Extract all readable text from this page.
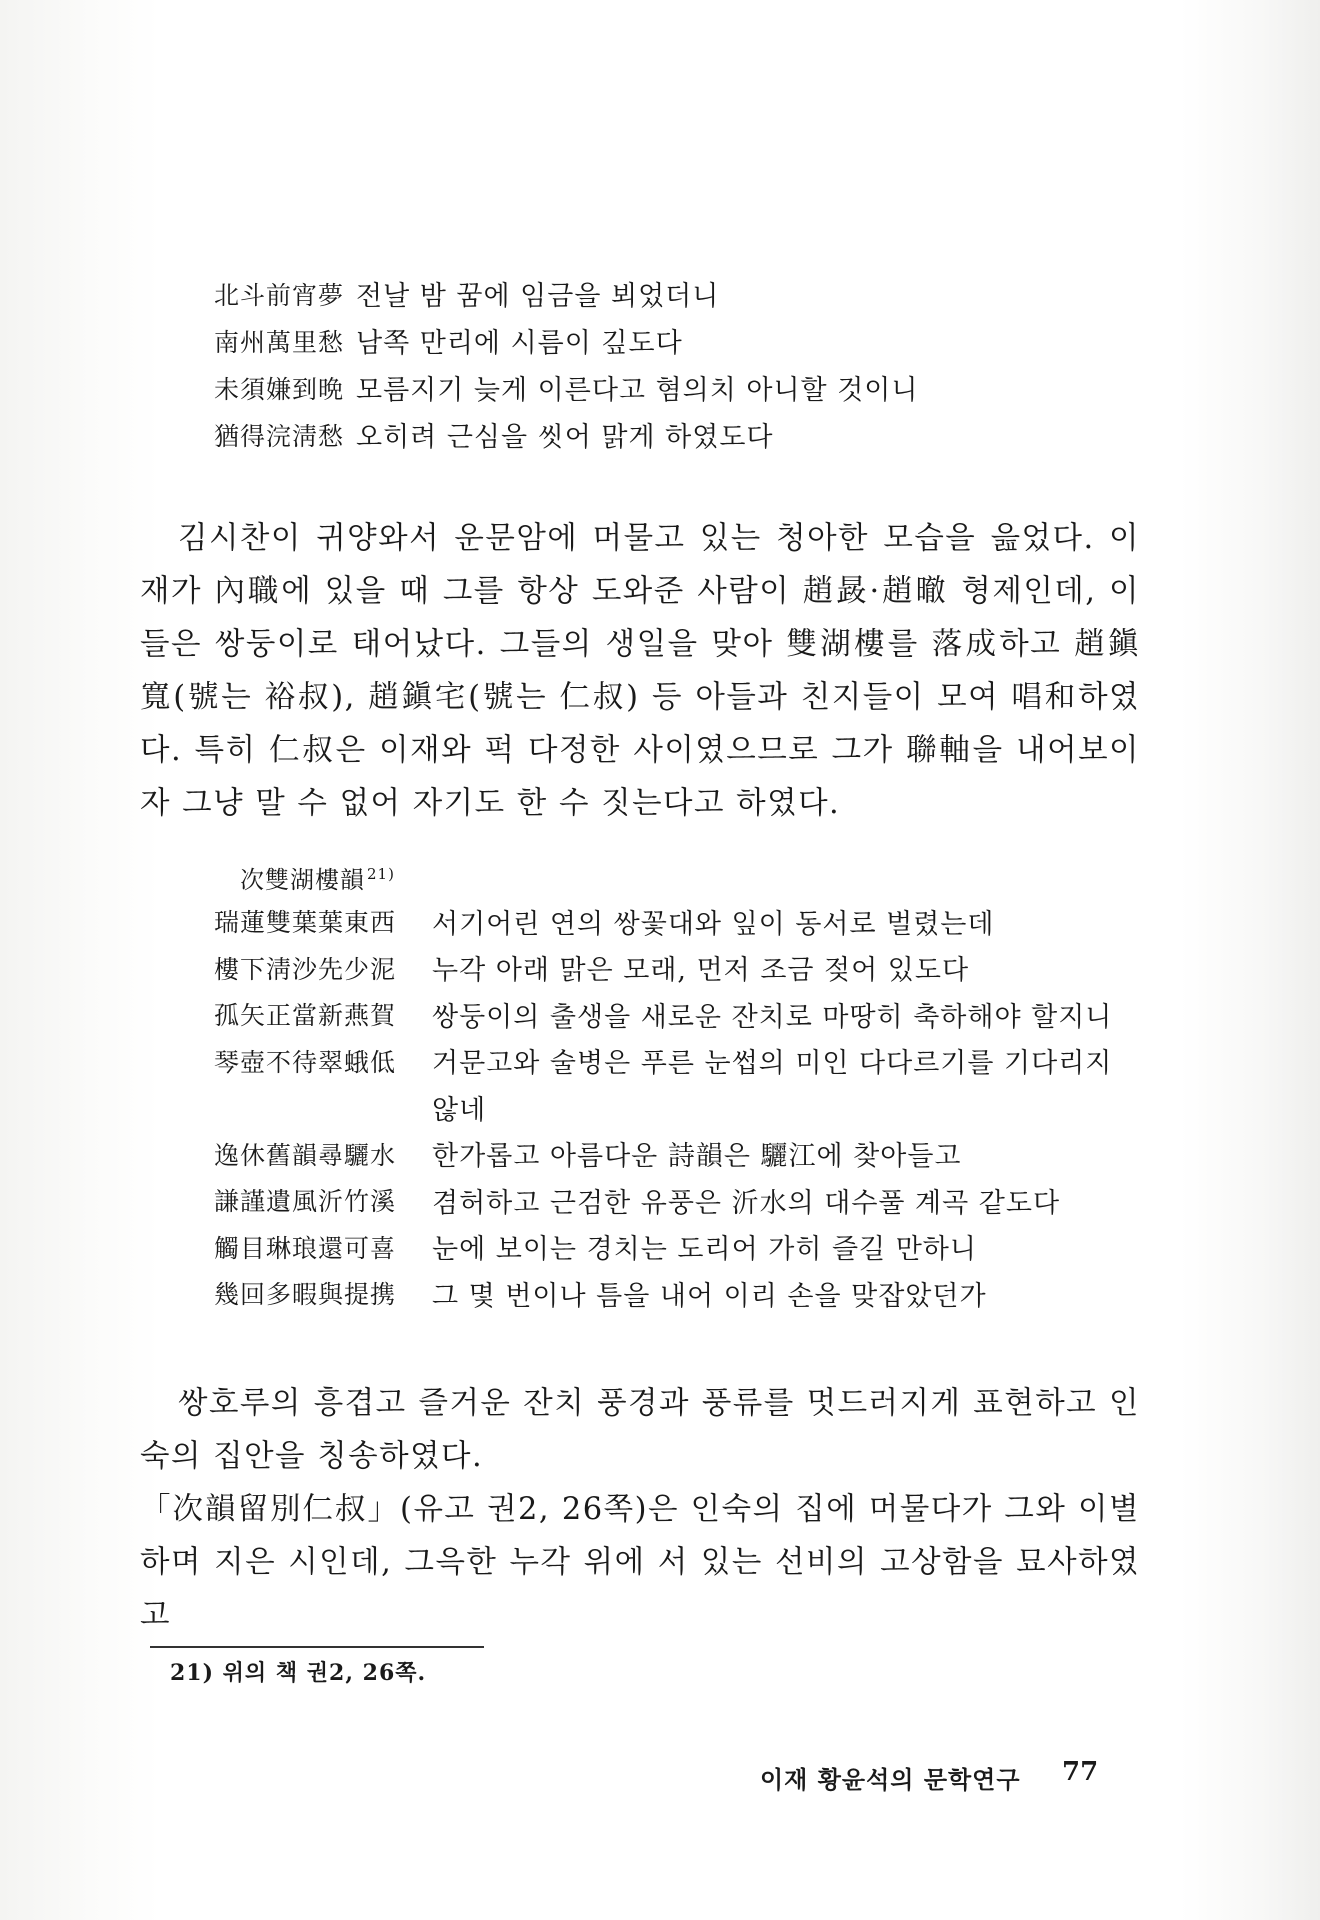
北斗前宵夢 전날 밤 꿈에 임금을 뵈었더니
南州萬里愁 남쪽 만리에 시름이 깊도다
未須嫌到晩 모름지기 늦게 이른다고 혐의치 아니할 것이니
猶得浣淸愁 오히려 근심을 씻어 맑게 하였도다

김시찬이 귀양와서 운문암에 머물고 있는 청아한 모습을 읊었다. 이재가 內職에 있을 때 그를 항상 도와준 사람이 趙晸·趙㬚 형제인데, 이들은 쌍둥이로 태어났다. 그들의 생일을 맞아 雙湖樓를 落成하고 趙鎭寬(號는 裕叔), 趙鎭宅(號는 仁叔) 등 아들과 친지들이 모여 唱和하였다. 특히 仁叔은 이재와 퍽 다정한 사이였으므로 그가 聯軸을 내어보이자 그냥 말 수 없어 자기도 한 수 짓는다고 하였다.

次雙湖樓韻 $^{21)}$
瑞蓮雙葉葉東西	서기어린 연의 쌍꽃대와 잎이 동서로 벌렸는데
樓下淸沙先少泥	누각 아래 맑은 모래, 먼저 조금 젖어 있도다
孤矢正當新燕賀	쌍둥이의 출생을 새로운 잔치로 마땅히 축하해야 할지니
琴壺不待翠蛾低	거문고와 술병은 푸른 눈썹의 미인 다다르기를 기다리지
않네
逸休舊韻尋驪水	한가롭고 아름다운 詩韻은 驪江에 찾아들고
謙謹遺風沂竹溪	겸허하고 근검한 유풍은 沂水의 대수풀 계곡 같도다
觸目琳琅還可喜	눈에 보이는 경치는 도리어 가히 즐길 만하니
幾回多暇與提携	그 몇 번이나 틈을 내어 이리 손을 맞잡았던가

쌍호루의 흥겹고 즐거운 잔치 풍경과 풍류를 멋드러지게 표현하고 인숙의 집안을 칭송하였다.

「次韻留別仁叔」(유고 권2, 26쪽)은 인숙의 집에 머물다가 그와 이별하며 지은 시인데, 그윽한 누각 위에 서 있는 선비의 고상함을 묘사하였고

21) 위의 책 권2, 26쪽.
이재 황윤석의 문학연구 77
